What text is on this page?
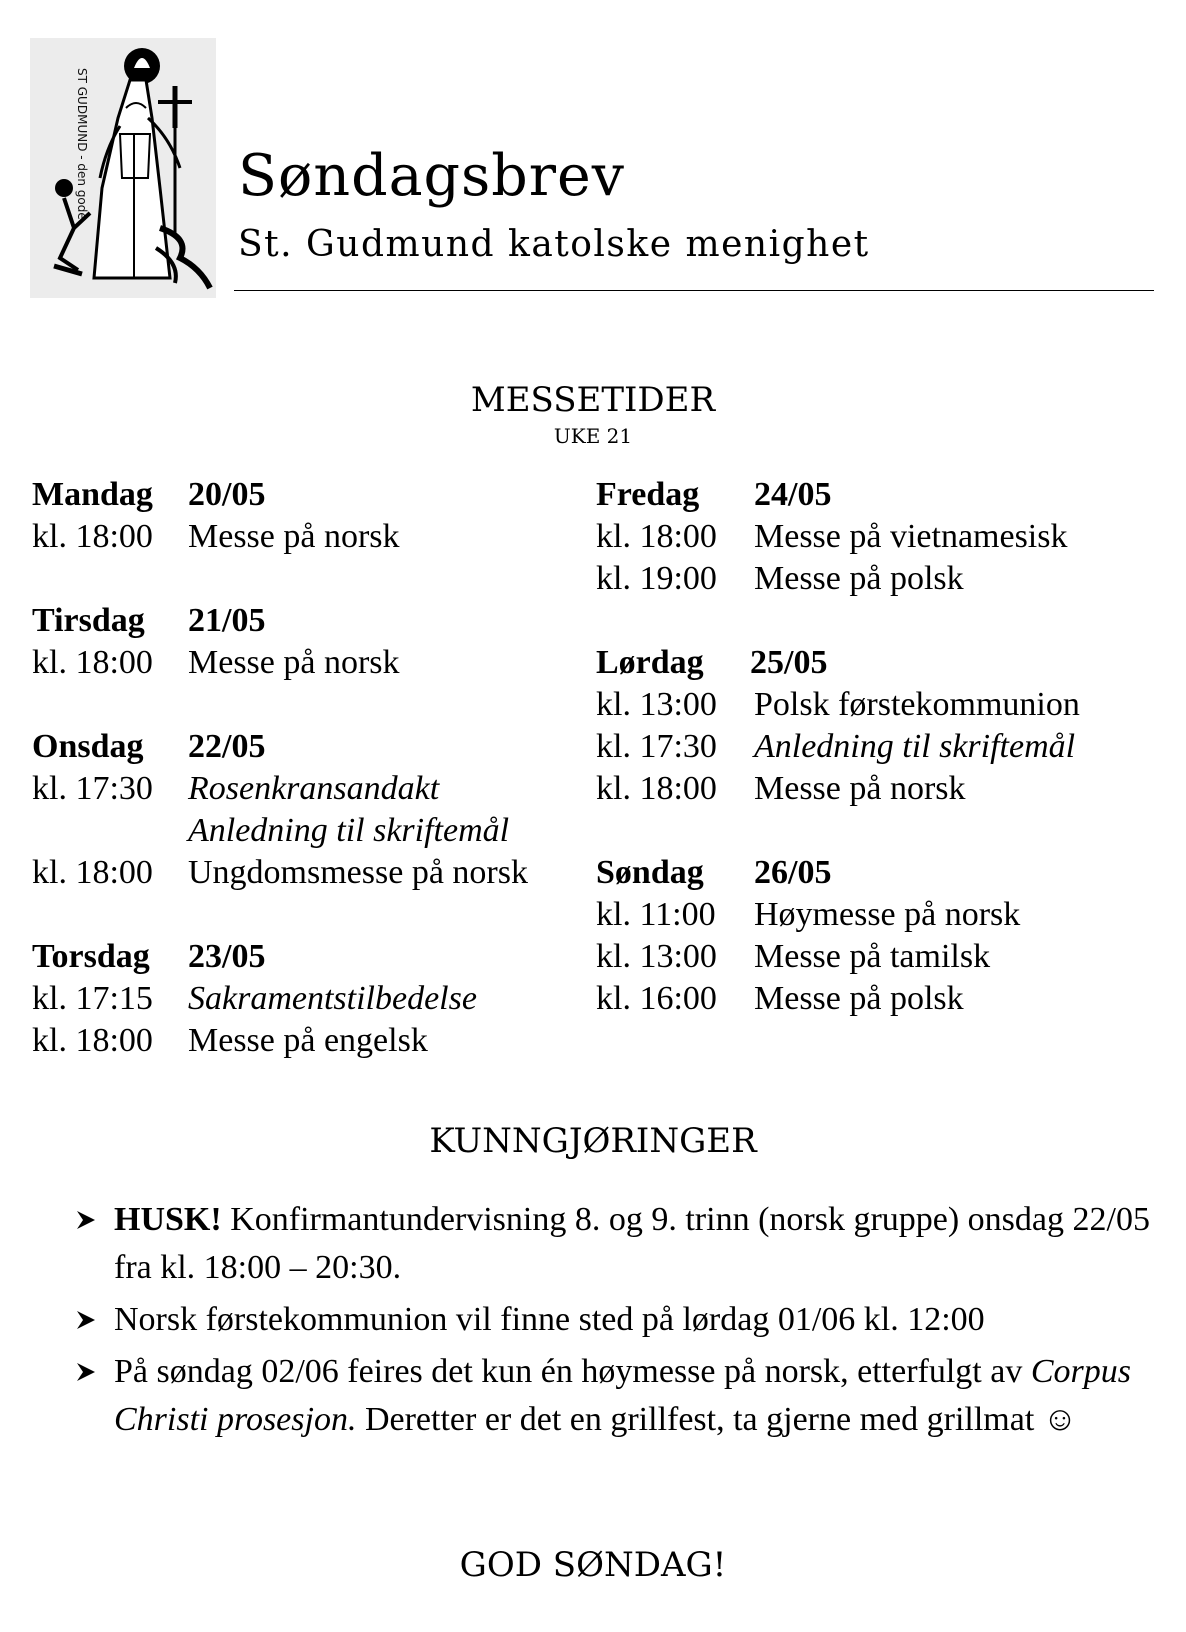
ST GUDMUND - den gode	Søndagsbrev
St. Gudmund katolske menighet
MESSETIDER
UKE 21
Mandag 20/05
kl. 18:00 Messe på norsk
Tirsdag 21/05
kl. 18:00 Messe på norsk
Onsdag 22/05
kl. 17:30 Rosenkransandakt
Anledning til skriftemål
kl. 18:00 Ungdomsmesse på norsk
Torsdag 23/05
kl. 17:15 Sakramentstilbedelse
kl. 18:00 Messe på engelsk
Fredag 24/05
kl. 18:00 Messe på vietnamesisk
kl. 19:00 Messe på polsk
Lørdag 25/05
kl. 13:00 Polsk førstekommunion
kl. 17:30 Anledning til skriftemål
kl. 18:00 Messe på norsk
Søndag 26/05
kl. 11:00 Høymesse på norsk
kl. 13:00 Messe på tamilsk
kl. 16:00 Messe på polsk
KUNNGJØRINGER
HUSK! Konfirmantundervisning 8. og 9. trinn (norsk gruppe) onsdag 22/05 fra kl. 18:00 – 20:30.
Norsk førstekommunion vil finne sted på lørdag 01/06 kl. 12:00
På søndag 02/06 feires det kun én høymesse på norsk, etterfulgt av Corpus Christi prosesjon. Deretter er det en grillfest, ta gjerne med grillmat ☺
GOD SØNDAG!
